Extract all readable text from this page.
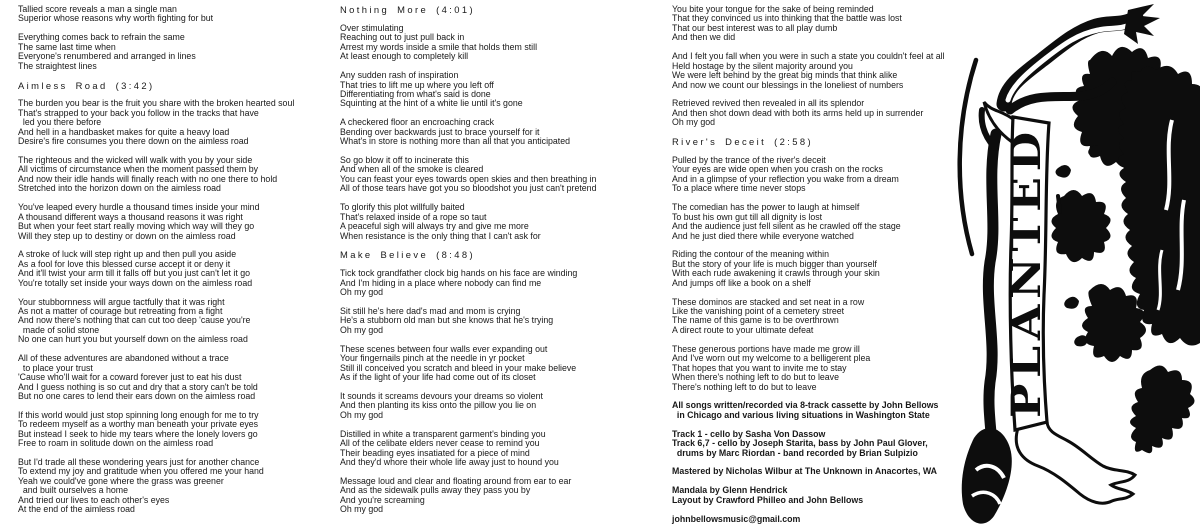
Tallied score reveals a man a single man
Superior whose reasons why worth fighting for but
Everything comes back to refrain the same
The same last time when
Everyone's renumbered and arranged in lines
The straightest lines
Aimless Road (3:42)
The burden you bear is the fruit you share with the broken hearted soul
That's strapped to your back you follow in the tracks that have
led you there before
And hell in a handbasket makes for quite a heavy load
Desire's fire consumes you there down on the aimless road
The righteous and the wicked will walk with you by your side
All victims of circumstance when the moment passed them by
And now their idle hands will finally reach with no one there to hold
Stretched into the horizon down on the aimless road
You've leaped every hurdle a thousand times inside your mind
A thousand different ways a thousand reasons it was right
But when your feet start really moving which way will they go
Will they step up to destiny or down on the aimless road
A stroke of luck will step right up and then pull you aside
As a fool for love this blessed curse accept it or deny it
And it'll twist your arm till it falls off but you just can't let it go
You're totally set inside your ways down on the aimless road
Your stubbornness will argue tactfully that it was right
As not a matter of courage but retreating from a fight
And now there's nothing that can cut too deep 'cause you're
made of solid stone
No one can hurt you but yourself down on the aimless road
All of these adventures are abandoned without a trace
to place your trust
'Cause who'll wait for a coward forever just to eat his dust
And I guess nothing is so cut and dry that a story can't be told
But no one cares to lend their ears down on the aimless road
If this world would just stop spinning long enough for me to try
To redeem myself as a worthy man beneath your private eyes
But instead I seek to hide my tears where the lonely lovers go
Free to roam in solitude down on the aimless road
But I'd trade all these wondering years just for another chance
To extend my joy and gratitude when you offered me your hand
Yeah we could've gone where the grass was greener
and built ourselves a home
And tried our lives to each other's eyes
At the end of the aimless road
Nothing More (4:01)
Over stimulating
Reaching out to just pull back in
Arrest my words inside a smile that holds them still
At least enough to completely kill
Any sudden rash of inspiration
That tries to lift me up where you left off
Differentiating from what's said is done
Squinting at the hint of a white lie until it's gone
A checkered floor an encroaching crack
Bending over backwards just to brace yourself for it
What's in store is nothing more than all that you anticipated
So go blow it off to incinerate this
And when all of the smoke is cleared
You can feast your eyes towards open skies and then breathing in
All of those tears have got you so bloodshot you just can't pretend
To glorify this plot willfully baited
That's relaxed inside of a rope so taut
A peaceful sigh will always try and give me more
When resistance is the only thing that I can't ask for
Make Believe (8:48)
Tick tock grandfather clock big hands on his face are winding
And I'm hiding in a place where nobody can find me
Oh my god
Sit still he's here dad's mad and mom is crying
He's a stubborn old man but she knows that he's trying
Oh my god
These scenes between four walls ever expanding out
Your fingernails pinch at the needle in yr pocket
Still ill conceived you scratch and bleed in your make believe
As if the light of your life had come out of its closet
It sounds it screams devours your dreams so violent
And then planting its kiss onto the pillow you lie on
Oh my god
Distilled in white a transparent garment's binding you
All of the celibate elders never cease to remind you
Their beading eyes insatiated for a piece of mind
And they'd whore their whole life away just to hound you
Message loud and clear and floating around from ear to ear
And as the sidewalk pulls away they pass you by
And you're screaming
Oh my god
You bite your tongue for the sake of being reminded
That they convinced us into thinking that the battle was lost
That our best interest was to all play dumb
And then we did
And I felt you fall when you were in such a state you couldn't feel at all
Held hostage by the silent majority around you
We were left behind by the great big minds that think alike
And now we count our blessings in the loneliest of numbers
Retrieved revived then revealed in all its splendor
And then shot down dead with both its arms held up in surrender
Oh my god
River's Deceit (2:58)
Pulled by the trance of the river's deceit
Your eyes are wide open when you crash on the rocks
And in a glimpse of your reflection you wake from a dream
To a place where time never stops
The comedian has the power to laugh at himself
To bust his own gut till all dignity is lost
And the audience just fell silent as he crawled off the stage
And he just died there while everyone watched
Riding the contour of the meaning within
But the story of your life is much bigger than yourself
With each rude awakening it crawls through your skin
And jumps off like a book on a shelf
These dominos are stacked and set neat in a row
Like the vanishing point of a cemetery street
The name of this game is to be overthrown
A direct route to your ultimate defeat
These generous portions have made me grow ill
And I've worn out my welcome to a belligerent plea
That hopes that you want to invite me to stay
When there's nothing left to do but to leave
There's nothing left to do but to leave
All songs written/recorded via 8-track cassette by John Bellows
in Chicago and various living situations in Washington State
Track 1 - cello by Sasha Von Dassow
Track 6,7 - cello by Joseph Starita, bass by John Paul Glover,
drums by Marc Riordan - band recorded by Brian Sulpizio
Mastered by Nicholas Wilbur at The Unknown in Anacortes, WA
Mandala by Glenn Hendrick
Layout by Crawford Philleo and John Bellows
johnbellowsmusic@gmail.com
PLANTED
